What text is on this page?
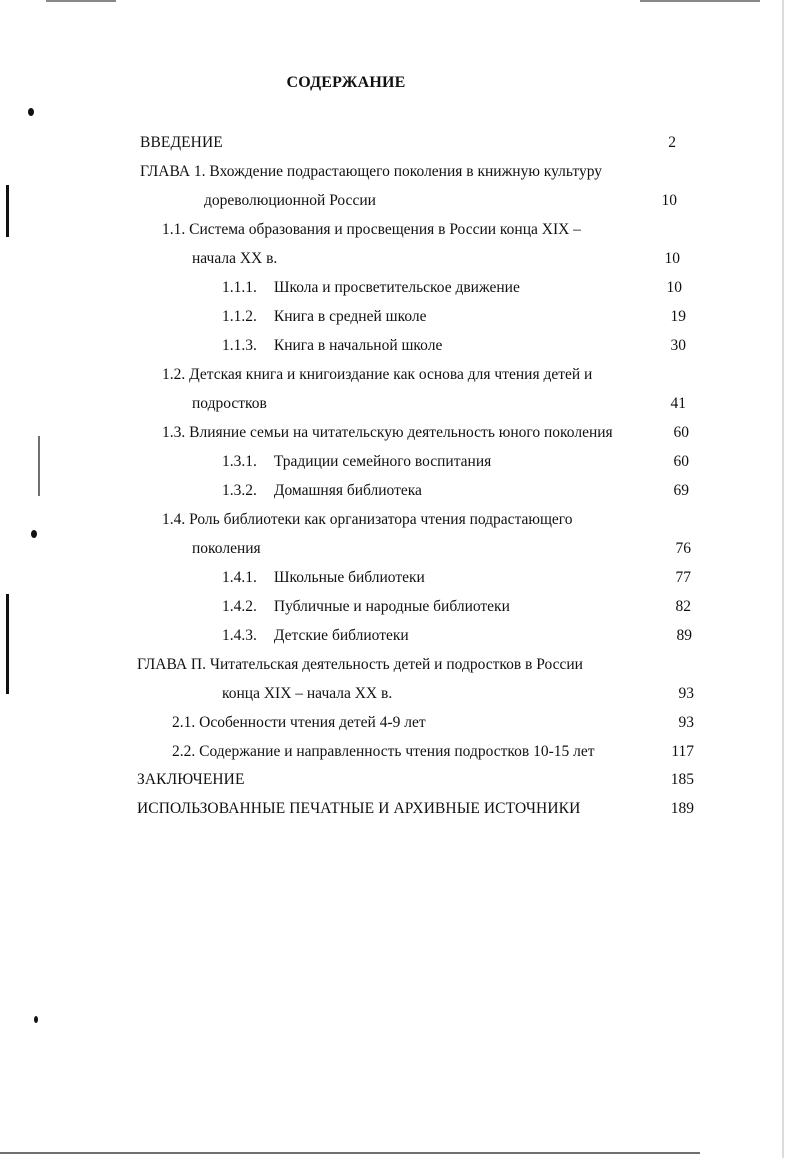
СОДЕРЖАНИЕ
ВВЕДЕНИЕ	2
ГЛАВА 1. Вхождение подрастающего поколения в книжную культуру
дореволюционной России	10
1.1. Система образования и просвещения в России конца XIX –
начала XX в.	10
1.1.1. Школа и просветительское движение	10
1.1.2. Книга в средней школе	19
1.1.3. Книга в начальной школе	30
1.2. Детская книга и книгоиздание как основа для чтения детей и
подростков	41
1.3. Влияние семьи на читательскую деятельность юного поколения	60
1.3.1. Традиции семейного воспитания	60
1.3.2. Домашняя библиотека	69
1.4. Роль библиотеки как организатора чтения подрастающего
поколения	76
1.4.1. Школьные библиотеки	77
1.4.2. Публичные и народные библиотеки	82
1.4.3. Детские библиотеки	89
ГЛАВА П. Читательская деятельность детей и подростков в России
конца XIX – начала XX в.	93
2.1. Особенности чтения детей 4-9 лет	93
2.2. Содержание и направленность чтения подростков 10-15 лет	117
ЗАКЛЮЧЕНИЕ	185
ИСПОЛЬЗОВАННЫЕ ПЕЧАТНЫЕ И АРХИВНЫЕ ИСТОЧНИКИ	189
